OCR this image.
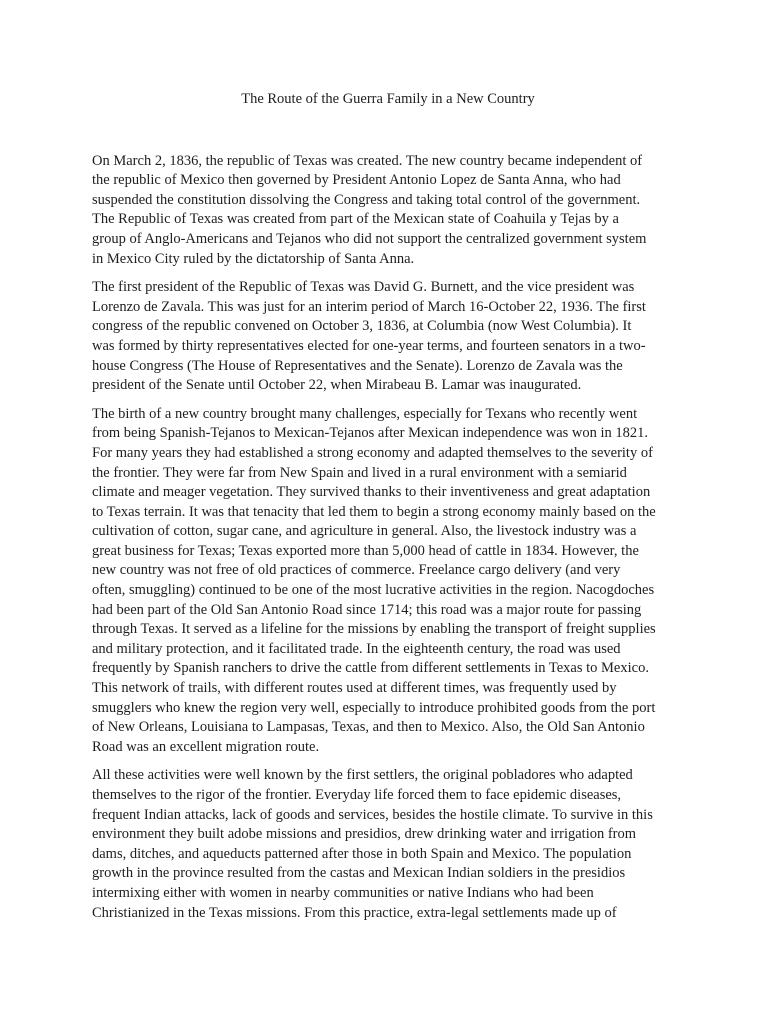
The Route of the Guerra Family in a New Country
On March 2, 1836, the republic of Texas was created. The new country became independent of
the republic of Mexico then governed by President Antonio Lopez de Santa Anna, who had
suspended the constitution dissolving the Congress and taking total control of the government.
The Republic of Texas was created from part of the Mexican state of Coahuila y Tejas by a
group of Anglo-Americans and Tejanos who did not support the centralized government system
in Mexico City ruled by the dictatorship of Santa Anna.
The first president of the Republic of Texas was David G. Burnett, and the vice president was
Lorenzo de Zavala. This was just for an interim period of March 16-October 22, 1936. The first
congress of the republic convened on October 3, 1836, at Columbia (now West Columbia). It
was formed by thirty representatives elected for one-year terms, and fourteen senators in a two-
house Congress (The House of Representatives and the Senate). Lorenzo de Zavala was the
president of the Senate until October 22, when Mirabeau B. Lamar was inaugurated.
The birth of a new country brought many challenges, especially for Texans who recently went
from being Spanish-Tejanos to Mexican-Tejanos after Mexican independence was won in 1821.
For many years they had established a strong economy and adapted themselves to the severity of
the frontier. They were far from New Spain and lived in a rural environment with a semiarid
climate and meager vegetation. They survived thanks to their inventiveness and great adaptation
to Texas terrain. It was that tenacity that led them to begin a strong economy mainly based on the
cultivation of cotton, sugar cane, and agriculture in general. Also, the livestock industry was a
great business for Texas; Texas exported more than 5,000 head of cattle in 1834. However, the
new country was not free of old practices of commerce. Freelance cargo delivery (and very
often, smuggling) continued to be one of the most lucrative activities in the region. Nacogdoches
had been part of the Old San Antonio Road since 1714; this road was a major route for passing
through Texas. It served as a lifeline for the missions by enabling the transport of freight supplies
and military protection, and it facilitated trade. In the eighteenth century, the road was used
frequently by Spanish ranchers to drive the cattle from different settlements in Texas to Mexico.
This network of trails, with different routes used at different times, was frequently used by
smugglers who knew the region very well, especially to introduce prohibited goods from the port
of New Orleans, Louisiana to Lampasas, Texas, and then to Mexico. Also, the Old San Antonio
Road was an excellent migration route.
All these activities were well known by the first settlers, the original pobladores who adapted
themselves to the rigor of the frontier. Everyday life forced them to face epidemic diseases,
frequent Indian attacks, lack of goods and services, besides the hostile climate. To survive in this
environment they built adobe missions and presidios, drew drinking water and irrigation from
dams, ditches, and aqueducts patterned after those in both Spain and Mexico. The population
growth in the province resulted from the castas and Mexican Indian soldiers in the presidios
intermixing either with women in nearby communities or native Indians who had been
Christianized in the Texas missions. From this practice, extra-legal settlements made up of
